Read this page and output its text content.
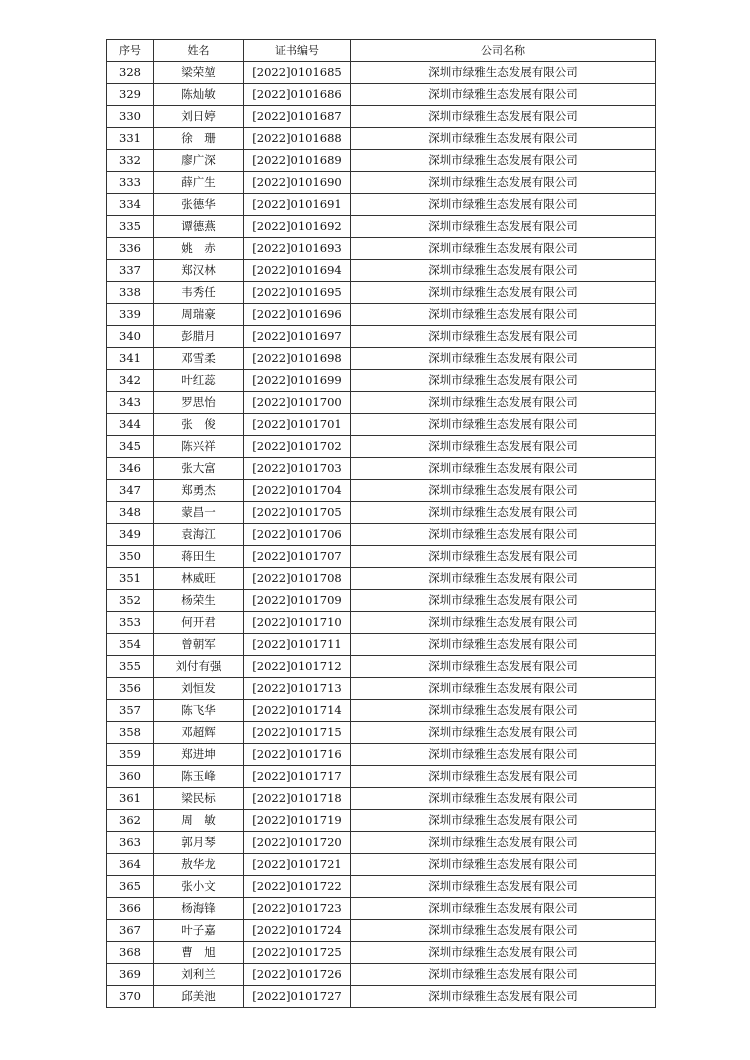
序号	姓名	证书编号	公司名称
328	梁荣堃	[2022]0101685	深圳市绿雅生态发展有限公司
329	陈灿敏	[2022]0101686	深圳市绿雅生态发展有限公司
330	刘日婷	[2022]0101687	深圳市绿雅生态发展有限公司
331	徐　珊	[2022]0101688	深圳市绿雅生态发展有限公司
332	廖广深	[2022]0101689	深圳市绿雅生态发展有限公司
333	薛广生	[2022]0101690	深圳市绿雅生态发展有限公司
334	张德华	[2022]0101691	深圳市绿雅生态发展有限公司
335	谭德燕	[2022]0101692	深圳市绿雅生态发展有限公司
336	姚　赤	[2022]0101693	深圳市绿雅生态发展有限公司
337	郑汉林	[2022]0101694	深圳市绿雅生态发展有限公司
338	韦秀任	[2022]0101695	深圳市绿雅生态发展有限公司
339	周瑞豪	[2022]0101696	深圳市绿雅生态发展有限公司
340	彭腊月	[2022]0101697	深圳市绿雅生态发展有限公司
341	邓雪柔	[2022]0101698	深圳市绿雅生态发展有限公司
342	叶红蕊	[2022]0101699	深圳市绿雅生态发展有限公司
343	罗思怡	[2022]0101700	深圳市绿雅生态发展有限公司
344	张　俊	[2022]0101701	深圳市绿雅生态发展有限公司
345	陈兴祥	[2022]0101702	深圳市绿雅生态发展有限公司
346	张大富	[2022]0101703	深圳市绿雅生态发展有限公司
347	郑勇杰	[2022]0101704	深圳市绿雅生态发展有限公司
348	蒙昌一	[2022]0101705	深圳市绿雅生态发展有限公司
349	袁海江	[2022]0101706	深圳市绿雅生态发展有限公司
350	蒋田生	[2022]0101707	深圳市绿雅生态发展有限公司
351	林威旺	[2022]0101708	深圳市绿雅生态发展有限公司
352	杨荣生	[2022]0101709	深圳市绿雅生态发展有限公司
353	何开君	[2022]0101710	深圳市绿雅生态发展有限公司
354	曾朝军	[2022]0101711	深圳市绿雅生态发展有限公司
355	刘付有强	[2022]0101712	深圳市绿雅生态发展有限公司
356	刘恒发	[2022]0101713	深圳市绿雅生态发展有限公司
357	陈飞华	[2022]0101714	深圳市绿雅生态发展有限公司
358	邓超辉	[2022]0101715	深圳市绿雅生态发展有限公司
359	郑进坤	[2022]0101716	深圳市绿雅生态发展有限公司
360	陈玉峰	[2022]0101717	深圳市绿雅生态发展有限公司
361	梁民标	[2022]0101718	深圳市绿雅生态发展有限公司
362	周　敏	[2022]0101719	深圳市绿雅生态发展有限公司
363	郭月琴	[2022]0101720	深圳市绿雅生态发展有限公司
364	敖华龙	[2022]0101721	深圳市绿雅生态发展有限公司
365	张小文	[2022]0101722	深圳市绿雅生态发展有限公司
366	杨海锋	[2022]0101723	深圳市绿雅生态发展有限公司
367	叶子嘉	[2022]0101724	深圳市绿雅生态发展有限公司
368	曹　旭	[2022]0101725	深圳市绿雅生态发展有限公司
369	刘利兰	[2022]0101726	深圳市绿雅生态发展有限公司
370	邱美池	[2022]0101727	深圳市绿雅生态发展有限公司
